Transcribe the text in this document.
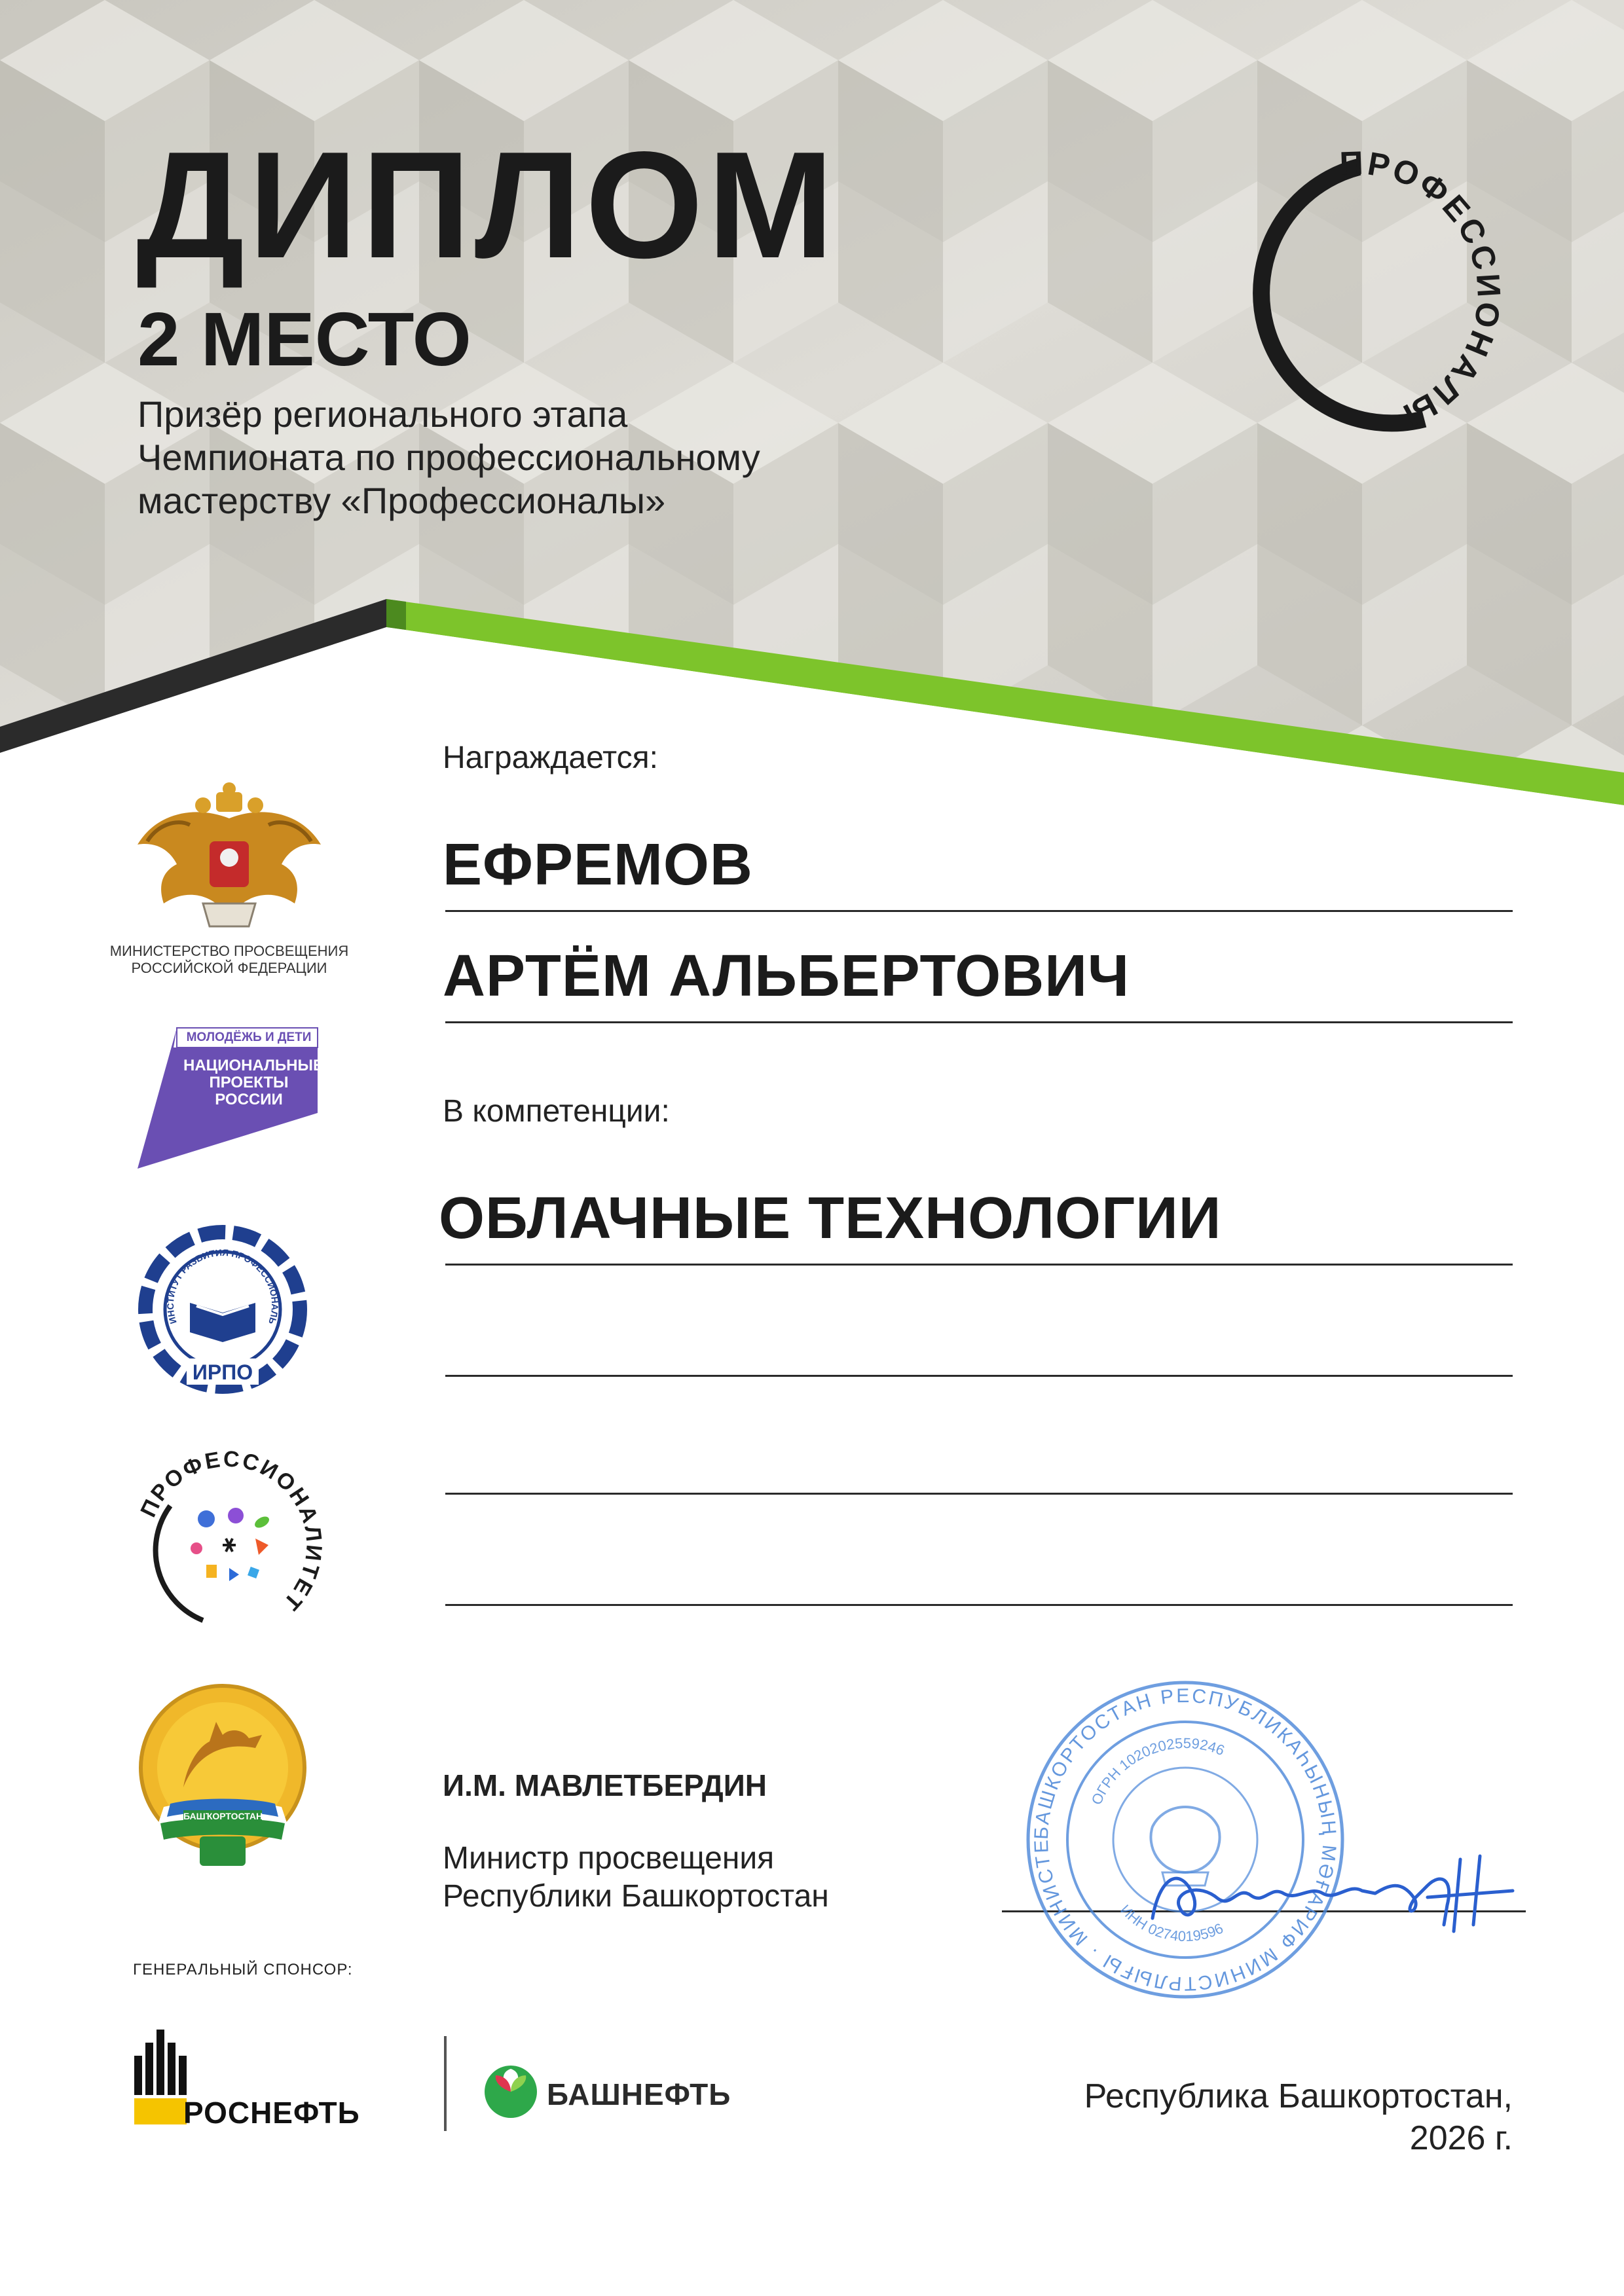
ДИПЛОМ
2 МЕСТО
Призёр регионального этапа
Чемпионата по профессиональному
мастерству «Профессионалы»
ПРОФЕССИОНАЛЫ
Награждается:
ЕФРЕМОВ
АРТЁМ АЛЬБЕРТОВИЧ
В компетенции:
ОБЛАЧНЫЕ ТЕХНОЛОГИИ
МИНИСТЕРСТВО ПРОСВЕЩЕНИЯ
РОССИЙСКОЙ ФЕДЕРАЦИИ
МОЛОДЁЖЬ И ДЕТИ
НАЦИОНАЛЬНЫЕ
ПРОЕКТЫ
РОССИИ
ИНСТИТУТ РАЗВИТИЯ ПРОФЕССИОНАЛЬ
ИРПО
ПРОФЕССИОНАЛИТЕТ
БАШҠОРТОСТАН
И.М. МАВЛЕТБЕРДИН
Министр просвещения
Республики Башкортостан
БАШКОРТОСТАН РЕСПУБЛИКАҺЫНЫҢ МӘҒАРИФ МИНИСТРЛЫҒЫ · МИНИСТЕ
ОГРН 1020202559246
ИНН 0274019596
ГЕНЕРАЛЬНЫЙ СПОНСОР:
РОСНЕФТЬ
БАШНЕФТЬ	Республика Башкортостан,
2026 г.
